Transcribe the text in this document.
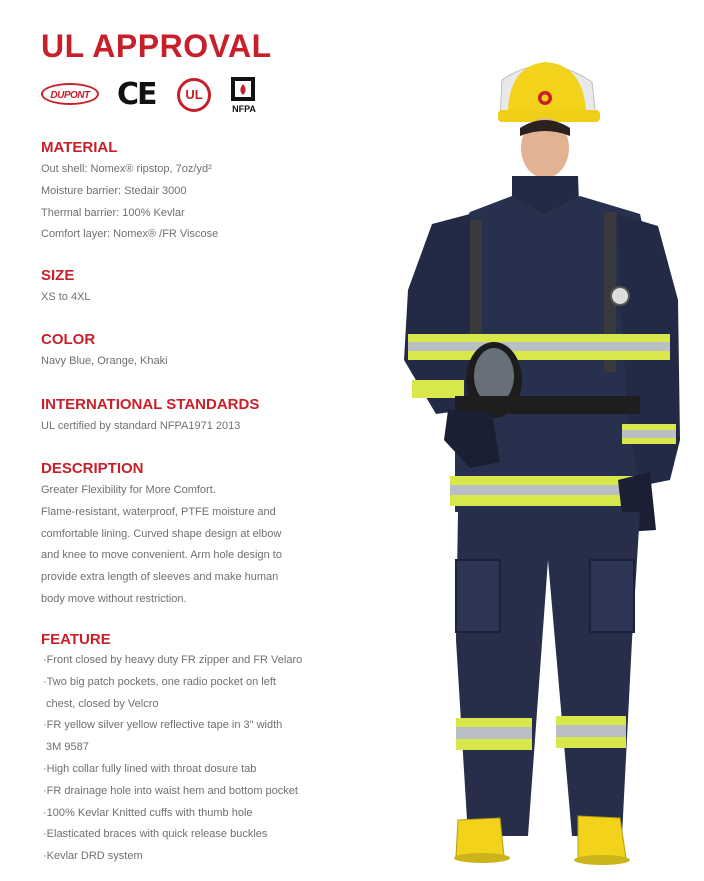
UL APPROVAL
DUPONT CE	UL
NFPA
MATERIAL
Out shell: Nomex® ripstop, 7oz/yd²
Moisture barrier: Stedair 3000
Thermal barrier: 100% Kevlar
Comfort layer: Nomex® /FR Viscose
SIZE
XS to 4XL
COLOR
Navy Blue, Orange, Khaki
INTERNATIONAL STANDARDS
UL certified by standard NFPA1971 2013
DESCRIPTION
Greater Flexibility for More Comfort.
Flame-resistant, waterproof, PTFE moisture and
comfortable lining. Curved shape design at elbow
and knee to move convenient. Arm hole design to
provide extra length of sleeves and make human
body move without restriction.
FEATURE
·Front closed by heavy duty FR zipper and FR Velaro
·Two big patch pockets, one radio pocket on left
chest, closed by Velcro
·FR yellow silver yellow reflective tape in 3" width
3M 9587
·High collar fully lined with throat dosure tab
·FR drainage hole into waist hem and bottom pocket
·100% Kevlar Knitted cuffs with thumb hole
·Elasticated braces with quick release buckles
·Kevlar DRD system
